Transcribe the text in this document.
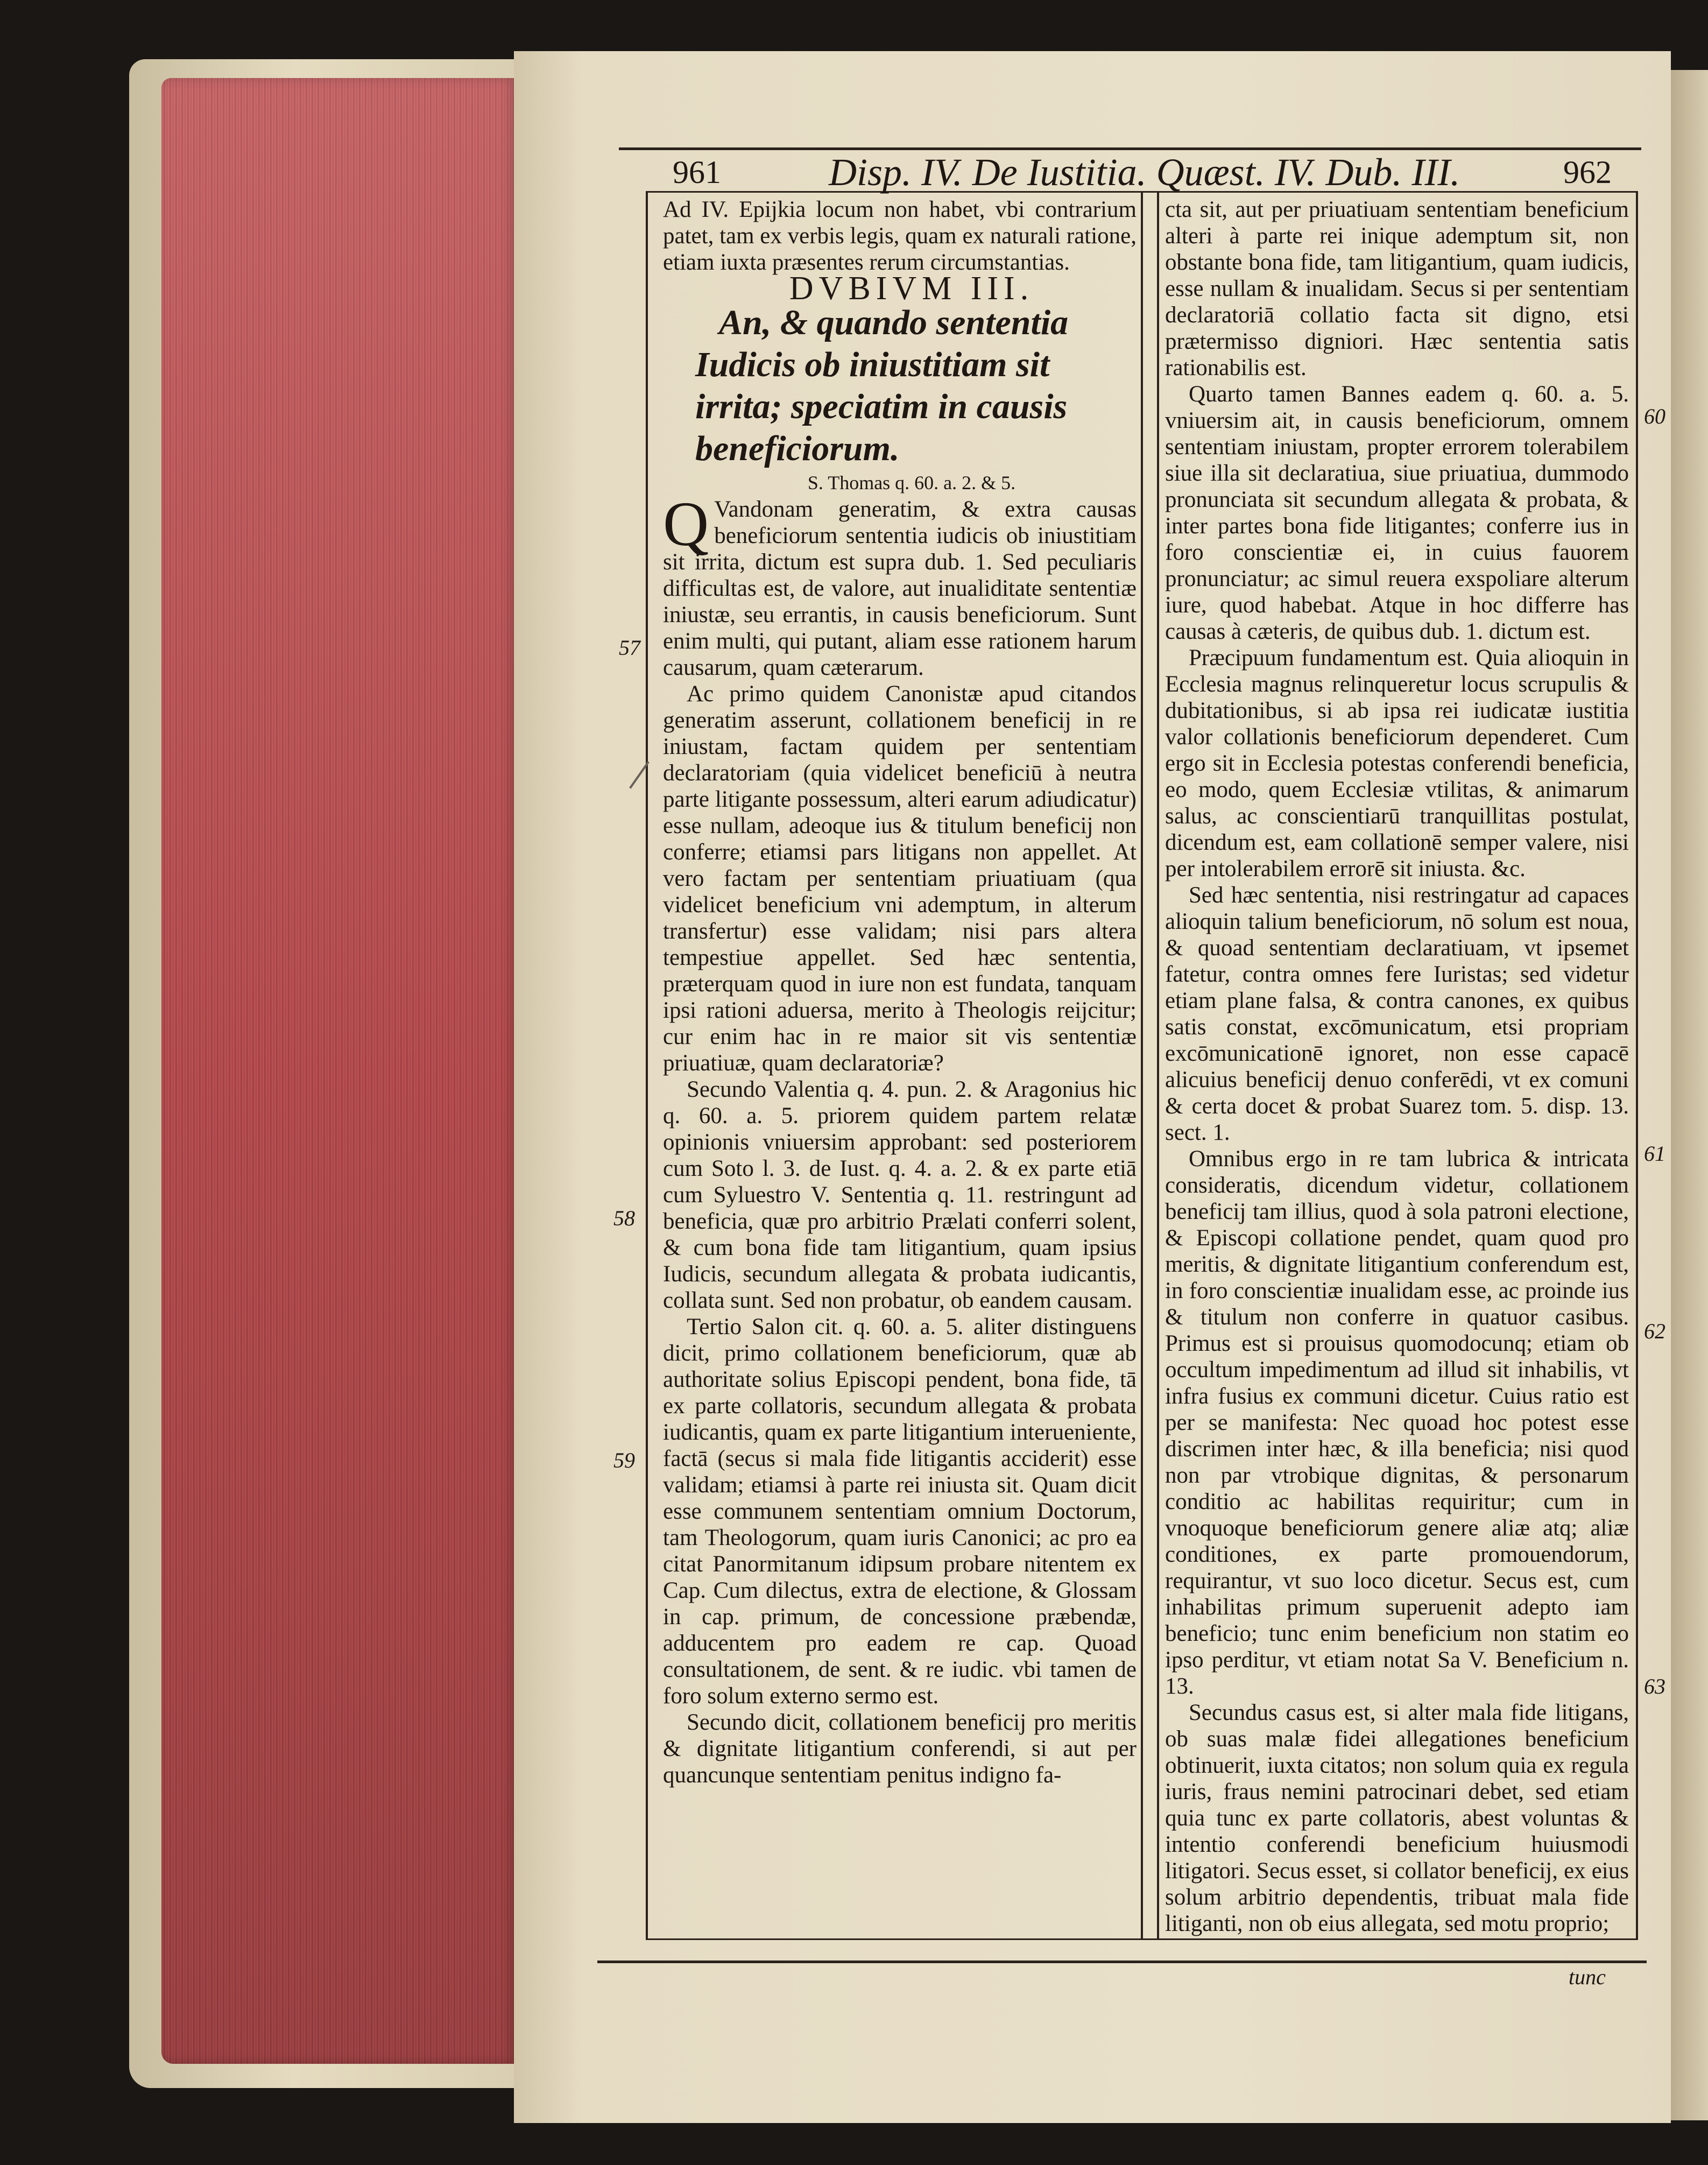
961	Disp. IV. De Iustitia. Quæst. IV. Dub. III.	962

Ad IV. Epijkia locum non habet, vbi contrarium patet, tam ex verbis legis, quam ex naturali ratione, etiam iuxta præsentes rerum circumstantias.

DVBIVM III.

An, & quando sententia Iudicis ob iniustitiam sit irrita; speciatim in causis beneficiorum.

S. Thomas q. 60. a. 2. & 5.

Q Vandonam generatim, & extra causas beneficiorum sententia iudicis ob iniustitiam sit irrita, dictum est supra dub. 1. Sed peculiaris difficultas est, de valore, aut inualiditate sententiæ iniustæ, seu errantis, in causis beneficiorum. Sunt enim multi, qui putant, aliam esse rationem harum causarum, quam cæterarum.

Ac primo quidem Canonistæ apud citandos generatim asserunt, collationem beneficij in re iniustam, factam quidem per sententiam declaratoriam (quia videlicet beneficiū à neutra parte litigante possessum, alteri earum adiudicatur) esse nullam, adeoque ius & titulum beneficij non conferre; etiamsi pars litigans non appellet. At vero factam per sententiam priuatiuam (qua videlicet beneficium vni ademptum, in alterum transfertur) esse validam; nisi pars altera tempestiue appellet. Sed hæc sententia, præterquam quod in iure non est fundata, tanquam ipsi rationi aduersa, merito à Theologis reijcitur; cur enim hac in re maior sit vis sententiæ priuatiuæ, quam declaratoriæ?

Secundo Valentia q. 4. pun. 2. & Aragonius hic q. 60. a. 5. priorem quidem partem relatæ opinionis vniuersim approbant: sed posteriorem cum Soto l. 3. de Iust. q. 4. a. 2. & ex parte etiā cum Syluestro V. Sententia q. 11. restringunt ad beneficia, quæ pro arbitrio Prælati conferri solent, & cum bona fide tam litigantium, quam ipsius Iudicis, secundum allegata & probata iudicantis, collata sunt. Sed non probatur, ob eandem causam.

Tertio Salon cit. q. 60. a. 5. aliter distinguens dicit, primo collationem beneficiorum, quæ ab authoritate solius Episcopi pendent, bona fide, tā ex parte collatoris, secundum allegata & probata iudicantis, quam ex parte litigantium interueniente, factā (secus si mala fide litigantis acciderit) esse validam; etiamsi à parte rei iniusta sit. Quam dicit esse communem sententiam omnium Doctorum, tam Theologorum, quam iuris Canonici; ac pro ea citat Panormitanum idipsum probare nitentem ex Cap. Cum dilectus, extra de electione, & Glossam in cap. primum, de concessione præbendæ, adducentem pro eadem re cap. Quoad consultationem, de sent. & re iudic. vbi tamen de foro solum externo sermo est.

Secundo dicit, collationem beneficij pro meritis & dignitate litigantium conferendi, si aut per quancunque sententiam penitus indigno fa-

cta sit, aut per priuatiuam sententiam beneficium alteri à parte rei inique ademptum sit, non obstante bona fide, tam litigantium, quam iudicis, esse nullam & inualidam. Secus si per sententiam declaratoriā collatio facta sit digno, etsi prætermisso digniori. Hæc sententia satis rationabilis est.

Quarto tamen Bannes eadem q. 60. a. 5. vniuersim ait, in causis beneficiorum, omnem sententiam iniustam, propter errorem tolerabilem siue illa sit declaratiua, siue priuatiua, dummodo pronunciata sit secundum allegata & probata, & inter partes bona fide litigantes; conferre ius in foro conscientiæ ei, in cuius fauorem pronunciatur; ac simul reuera exspoliare alterum iure, quod habebat. Atque in hoc differre has causas à cæteris, de quibus dub. 1. dictum est.

Præcipuum fundamentum est. Quia alioquin in Ecclesia magnus relinqueretur locus scrupulis & dubitationibus, si ab ipsa rei iudicatæ iustitia valor collationis beneficiorum dependeret. Cum ergo sit in Ecclesia potestas conferendi beneficia, eo modo, quem Ecclesiæ vtilitas, & animarum salus, ac conscientiarū tranquillitas postulat, dicendum est, eam collationē semper valere, nisi per intolerabilem errorē sit iniusta. &c.

Sed hæc sententia, nisi restringatur ad capaces alioquin talium beneficiorum, nō solum est noua, & quoad sententiam declaratiuam, vt ipsemet fatetur, contra omnes fere Iuristas; sed videtur etiam plane falsa, & contra canones, ex quibus satis constat, excōmunicatum, etsi propriam excōmunicationē ignoret, non esse capacē alicuius beneficij denuo conferēdi, vt ex comuni & certa docet & probat Suarez tom. 5. disp. 13. sect. 1.

Omnibus ergo in re tam lubrica & intricata consideratis, dicendum videtur, collationem beneficij tam illius, quod à sola patroni electione, & Episcopi collatione pendet, quam quod pro meritis, & dignitate litigantium conferendum est, in foro conscientiæ inualidam esse, ac proinde ius & titulum non conferre in quatuor casibus. Primus est si prouisus quomodocunq; etiam ob occultum impedimentum ad illud sit inhabilis, vt infra fusius ex communi dicetur. Cuius ratio est per se manifesta: Nec quoad hoc potest esse discrimen inter hæc, & illa beneficia; nisi quod non par vtrobique dignitas, & personarum conditio ac habilitas requiritur; cum in vnoquoque beneficiorum genere aliæ atq; aliæ conditiones, ex parte promouendorum, requirantur, vt suo loco dicetur. Secus est, cum inhabilitas primum superuenit adepto iam beneficio; tunc enim beneficium non statim eo ipso perditur, vt etiam notat Sa V. Beneficium n. 13.

Secundus casus est, si alter mala fide litigans, ob suas malæ fidei allegationes beneficium obtinuerit, iuxta citatos; non solum quia ex regula iuris, fraus nemini patrocinari debet, sed etiam quia tunc ex parte collatoris, abest voluntas & intentio conferendi beneficium huiusmodi litigatori. Secus esset, si collator beneficij, ex eius solum arbitrio dependentis, tribuat mala fide litiganti, non ob eius allegata, sed motu proprio;

57
58
59
60
61
62
63
tunc
